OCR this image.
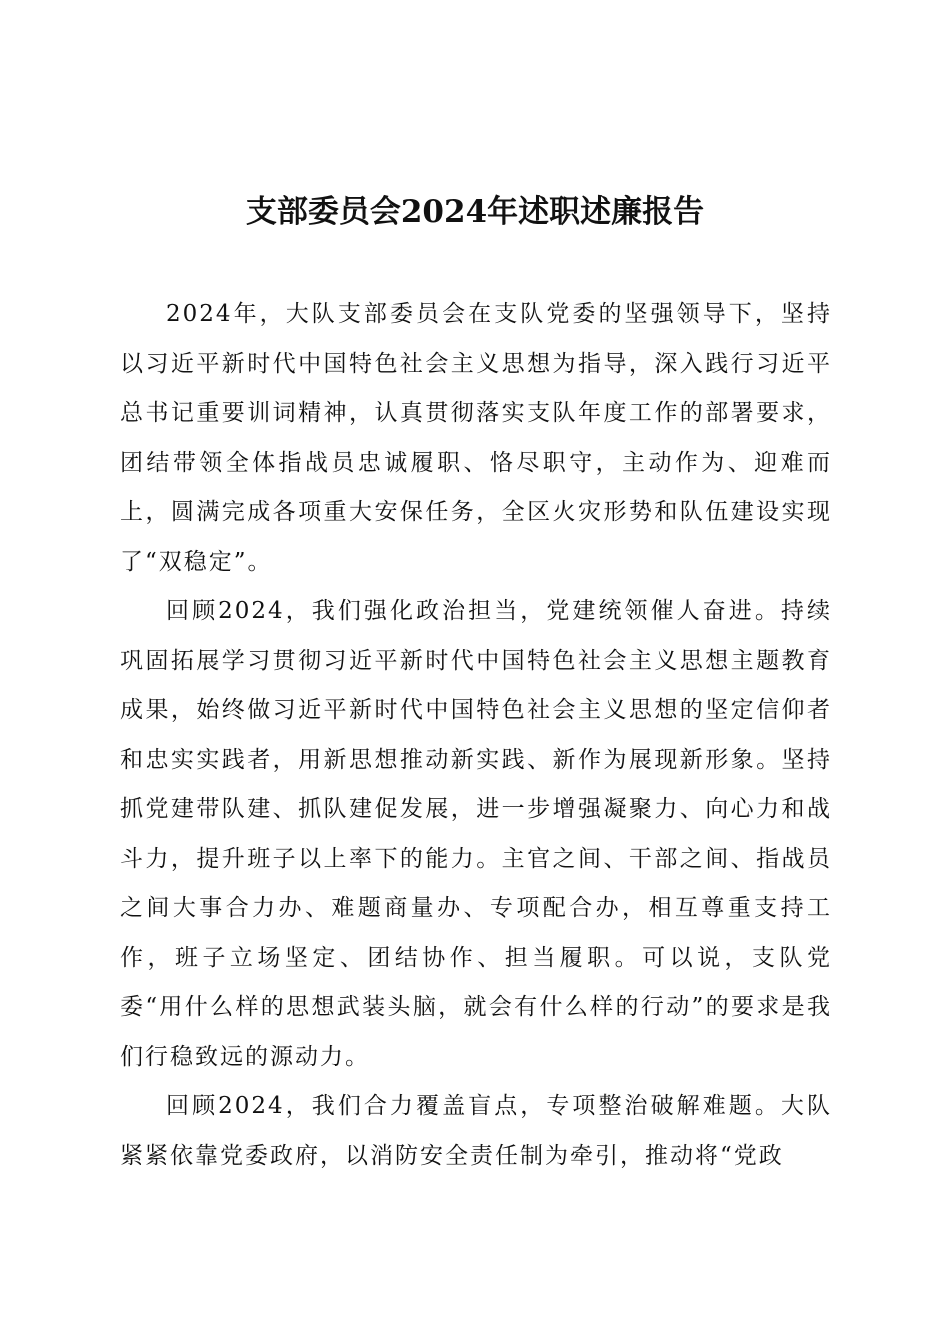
支部委员会2024年述职述廉报告

2024年，大队支部委员会在支队党委的坚强领导下，坚持以习近平新时代中国特色社会主义思想为指导，深入践行习近平总书记重要训词精神，认真贯彻落实支队年度工作的部署要求，团结带领全体指战员忠诚履职、恪尽职守，主动作为、迎难而上，圆满完成各项重大安保任务，全区火灾形势和队伍建设实现了“双稳定”。

回顾2024，我们强化政治担当，党建统领催人奋进。持续巩固拓展学习贯彻习近平新时代中国特色社会主义思想主题教育成果，始终做习近平新时代中国特色社会主义思想的坚定信仰者和忠实实践者，用新思想推动新实践、新作为展现新形象。坚持抓党建带队建、抓队建促发展，进一步增强凝聚力、向心力和战斗力，提升班子以上率下的能力。主官之间、干部之间、指战员之间大事合力办、难题商量办、专项配合办，相互尊重支持工作，班子立场坚定、团结协作、担当履职。可以说，支队党委“用什么样的思想武装头脑，就会有什么样的行动”的要求是我们行稳致远的源动力。

回顾2024，我们合力覆盖盲点，专项整治破解难题。大队紧紧依靠党委政府，以消防安全责任制为牵引，推动将“党政
